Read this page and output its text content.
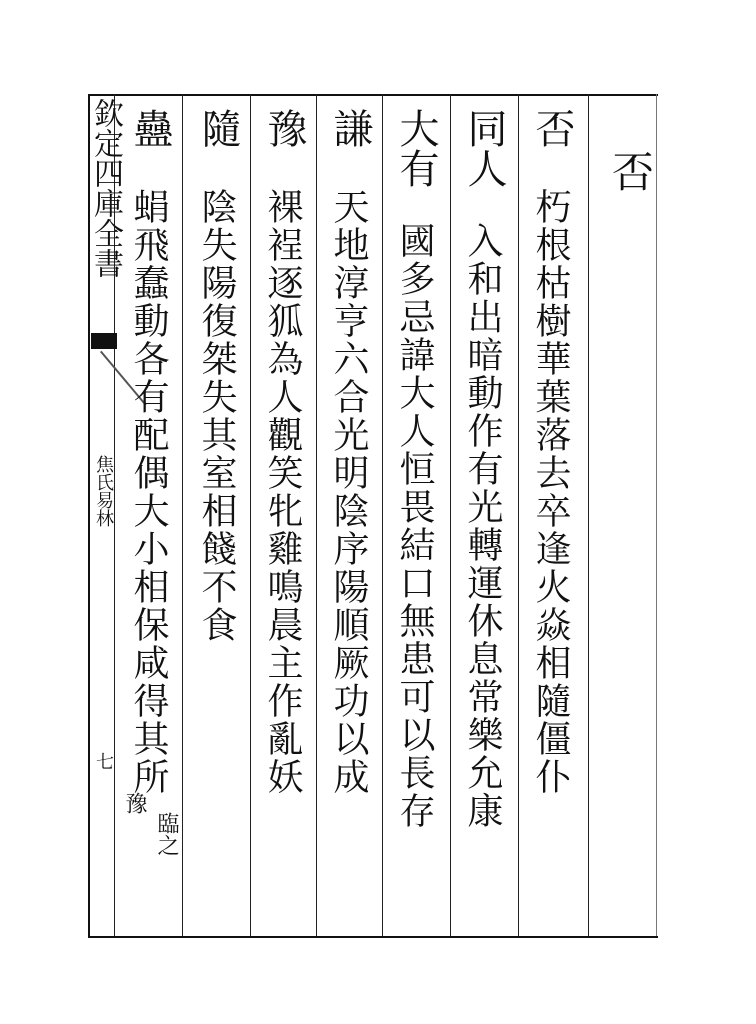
欽定四庫全書
焦氏易林
七
否
否
朽根枯樹華葉落去卒逢火焱相隨僵仆
同人
入和出暗動作有光轉運休息常樂允康
大有
國多忌諱大人恒畏結口無患可以長存
謙
天地淳亨六合光明陰序陽順厥功以成
豫
裸裎逐狐為人觀笑牝雞鳴晨主作亂妖
隨
陰失陽復桀失其室相餞不食
蠱
蜎飛蠢動各有配偶大小相保咸得其所
臨之
豫
